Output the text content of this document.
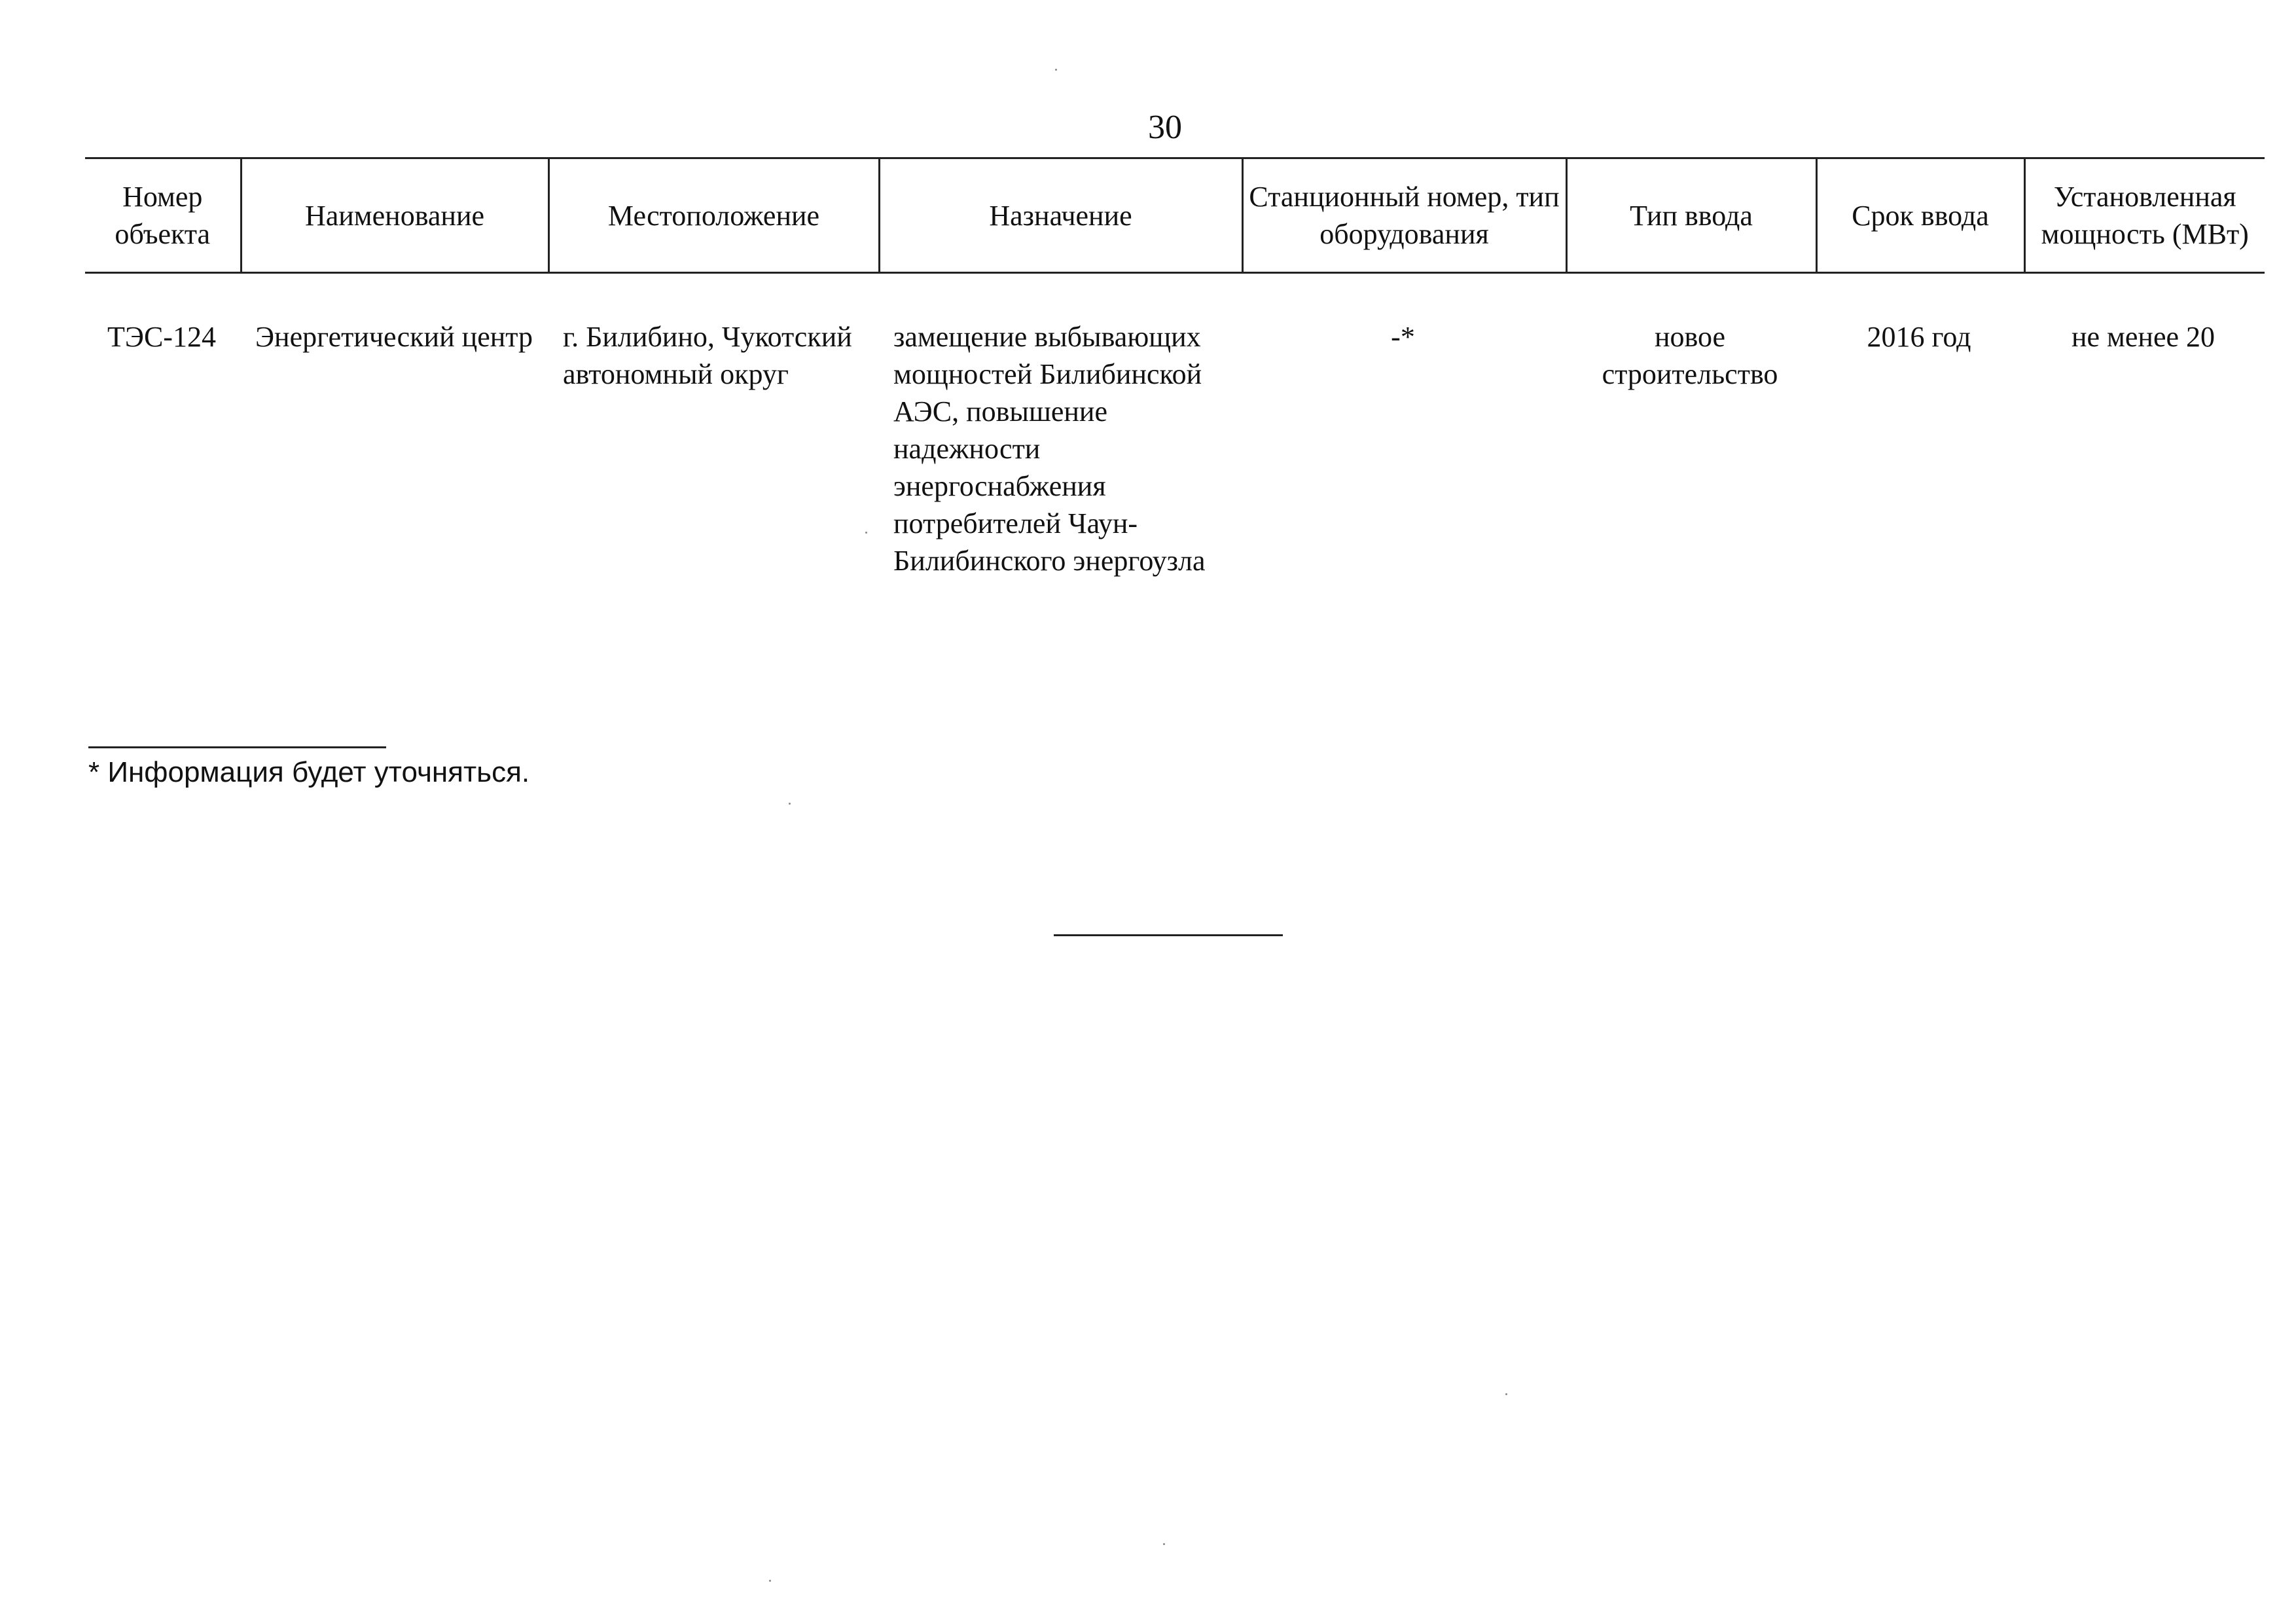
30
Номер объекта	Наименование	Местоположение	Назначение	Станционный номер, тип оборудования	Тип ввода	Срок ввода	Установленная мощность (МВт)
ТЭС-124	Энергетический центр	г. Билибино, Чукотский автономный округ	замещение выбывающих мощностей Билибинской АЭС, повышение надежности энергоснабжения потребителей Чаун-Билибинского энергоузла	-*	новое строительство	2016 год	не менее 20
* Информация будет уточняться.
